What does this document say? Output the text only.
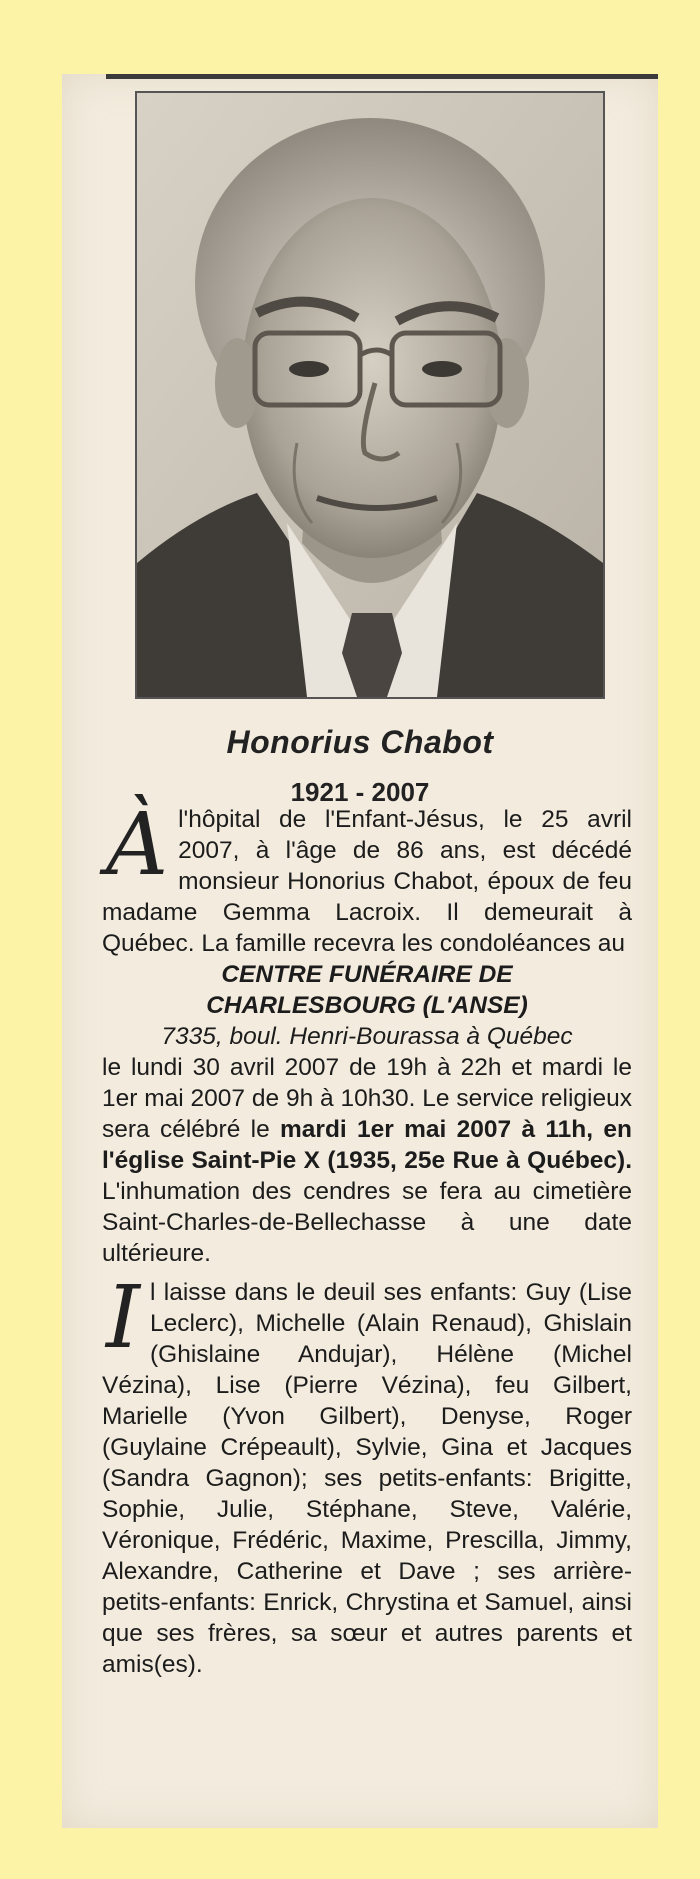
Honorius Chabot
1921 - 2007
À l'hôpital de l'Enfant-Jésus, le 25 avril 2007, à l'âge de 86 ans, est décédé monsieur Honorius Chabot, époux de feu madame Gemma Lacroix. Il demeurait à Québec. La famille recevra les condoléances au
CENTRE FUNÉRAIRE DE
CHARLESBOURG (L'ANSE)
7335, boul. Henri-Bourassa à Québec
le lundi 30 avril 2007 de 19h à 22h et mardi le 1er mai 2007 de 9h à 10h30. Le service religieux sera célébré le mardi 1er mai 2007 à 11h, en l'église Saint-Pie X (1935, 25e Rue à Québec). L'inhumation des cendres se fera au cimetière Saint-Charles-de-Bellechasse à une date ultérieure.
I l laisse dans le deuil ses enfants: Guy (Lise Leclerc), Michelle (Alain Renaud), Ghislain (Ghislaine Andujar), Hélène (Michel Vézina), Lise (Pierre Vézina), feu Gilbert, Marielle (Yvon Gilbert), Denyse, Roger (Guylaine Crépeault), Sylvie, Gina et Jacques (Sandra Gagnon); ses petits-enfants: Brigitte, Sophie, Julie, Stéphane, Steve, Valérie, Véronique, Frédéric, Maxime, Prescilla, Jimmy, Alexandre, Catherine et Dave ; ses arrière-petits-enfants: Enrick, Chrystina et Samuel, ainsi que ses frères, sa sœur et autres parents et amis(es).
